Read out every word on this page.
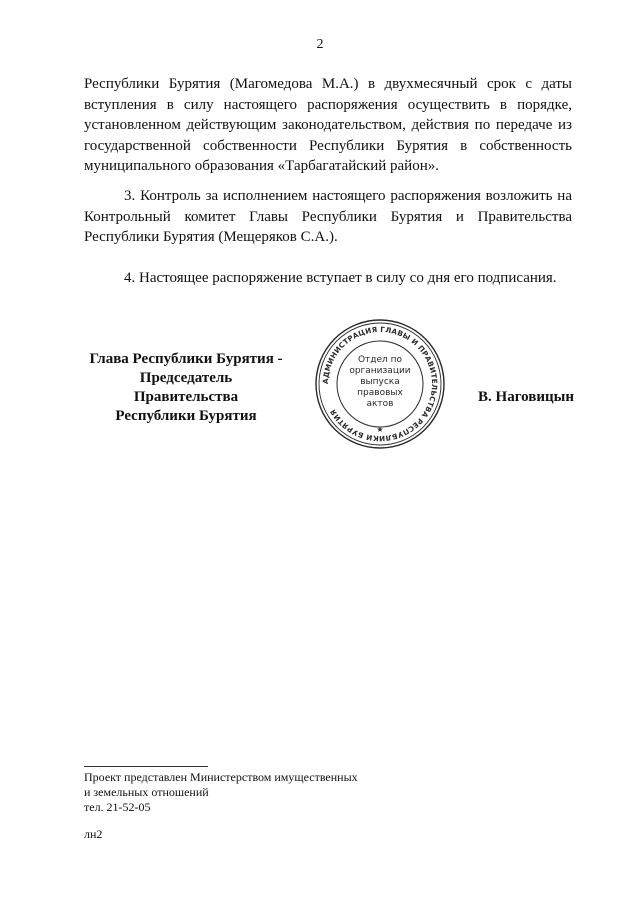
2
Республики Бурятия (Магомедова М.А.) в двухмесячный срок с даты вступления в силу настоящего распоряжения осуществить в порядке, установленном действующим законодательством, действия по передаче из государственной собственности Республики Бурятия в собственность муниципального образования «Тарбагатайский район».
3. Контроль за исполнением настоящего распоряжения возложить на Контрольный комитет Главы Республики Бурятия и Правительства Республики Бурятия (Мещеряков С.А.).
4. Настоящее распоряжение вступает в силу со дня его подписания.
Глава Республики Бурятия -
Председатель Правительства
Республики Бурятия
АДМИНИСТРАЦИЯ ГЛАВЫ И ПРАВИТЕЛЬСТВА РЕСПУБЛИКИ БУРЯТИЯ
★
Отдел по
организации
выпуска
правовых
актов	В. Наговицын
Проект представлен Министерством имущественных
и земельных отношений
тел. 21-52-05
лн2
